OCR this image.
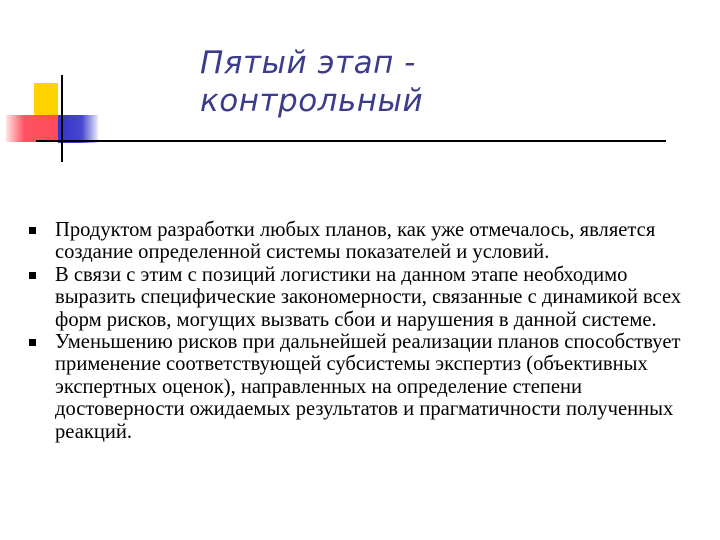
Пятый этап -
контрольный
Продуктом разработки любых планов, как уже отмечалось, является создание определенной системы показателей и условий.
В связи с этим с позиций логистики на данном этапе необходимо выразить специфические закономерности, связанные с динамикой всех форм рисков, могущих вызвать сбои и нарушения в данной системе.
Уменьшению рисков при дальнейшей реализации планов способствует применение соответствующей субсистемы экспертиз (объективных экспертных оценок), направленных на определение степени достоверности ожидаемых результатов и прагматичности полученных реакций.
